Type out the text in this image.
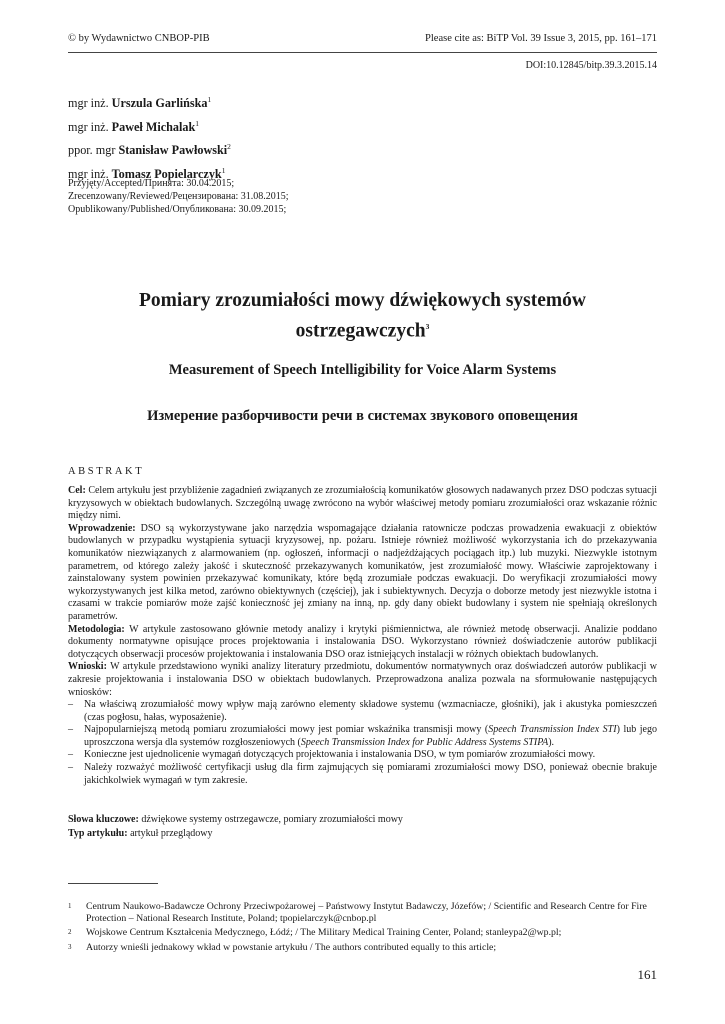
© by Wydawnictwo CNBOP-PIB	Please cite as: BiTP Vol. 39 Issue 3, 2015, pp. 161–171
DOI:10.12845/bitp.39.3.2015.14
mgr inż. Urszula Garlińska$^1$
mgr inż. Paweł Michalak$^1$
ppor. mgr Stanisław Pawłowski$^2$
mgr inż. Tomasz Popielarczyk$^1$
Przyjęty/Accepted/Принята: 30.04.2015;
Zrecenzowany/Reviewed/Рецензирована: 31.08.2015;
Opublikowany/Published/Опубликована: 30.09.2015;
Pomiary zrozumiałości mowy dźwiękowych systemów
ostrzegawczych$^3$
Measurement of Speech Intelligibility for Voice Alarm Systems
Измерение разборчивости речи в системах звукового оповещения
ABSTRAKT

Cel: Celem artykułu jest przybliżenie zagadnień związanych ze zrozumiałością komunikatów głosowych nadawanych przez DSO podczas sytuacji kryzysowych w obiektach budowlanych. Szczególną uwagę zwrócono na wybór właściwej metody pomiaru zrozumiałości oraz wskazanie różnic między nimi.

Wprowadzenie: DSO są wykorzystywane jako narzędzia wspomagające działania ratownicze podczas prowadzenia ewakuacji z obiektów budowlanych w przypadku wystąpienia sytuacji kryzysowej, np. pożaru. Istnieje również możliwość wykorzystania ich do przekazywania komunikatów niezwiązanych z alarmowaniem (np. ogłoszeń, informacji o nadjeżdżających pociągach itp.) lub muzyki. Niezwykle istotnym parametrem, od którego zależy jakość i skuteczność przekazywanych komunikatów, jest zrozumiałość mowy. Właściwie zaprojektowany i zainstalowany system powinien przekazywać komunikaty, które będą zrozumiałe podczas ewakuacji. Do weryfikacji zrozumiałości mowy wykorzystywanych jest kilka metod, zarówno obiektywnych (częściej), jak i subiektywnych. Decyzja o doborze metody jest niezwykle istotna i czasami w trakcie pomiarów może zajść konieczność jej zmiany na inną, np. gdy dany obiekt budowlany i system nie spełniają określonych parametrów.

Metodologia: W artykule zastosowano głównie metody analizy i krytyki piśmiennictwa, ale również metodę obserwacji. Analizie poddano dokumenty normatywne opisujące proces projektowania i instalowania DSO. Wykorzystano również doświadczenie autorów publikacji dotyczących obserwacji procesów projektowania i instalowania DSO oraz istniejących instalacji w różnych obiektach budowlanych.

Wnioski: W artykule przedstawiono wyniki analizy literatury przedmiotu, dokumentów normatywnych oraz doświadczeń autorów publikacji w zakresie projektowania i instalowania DSO w obiektach budowlanych. Przeprowadzona analiza pozwala na sformułowanie następujących wniosków:

– Na właściwą zrozumiałość mowy wpływ mają zarówno elementy składowe systemu (wzmacniacze, głośniki), jak i akustyka pomieszczeń (czas pogłosu, hałas, wyposażenie).
– Najpopularniejszą metodą pomiaru zrozumiałości mowy jest pomiar wskaźnika transmisji mowy (Speech Transmission Index STI) lub jego uproszczona wersja dla systemów rozgłoszeniowych (Speech Transmission Index for Public Address Systems STIPA).
– Konieczne jest ujednolicenie wymagań dotyczących projektowania i instalowania DSO, w tym pomiarów zrozumiałości mowy.
– Należy rozważyć możliwość certyfikacji usług dla firm zajmujących się pomiarami zrozumiałości mowy DSO, ponieważ obecnie brakuje jakichkolwiek wymagań w tym zakresie.
Słowa kluczowe: dźwiękowe systemy ostrzegawcze, pomiary zrozumiałości mowy
Typ artykułu: artykuł przeglądowy
1 Centrum Naukowo-Badawcze Ochrony Przeciwpożarowej – Państwowy Instytut Badawczy, Józefów; / Scientific and Research Centre for Fire Protection – National Research Institute, Poland; tpopielarczyk@cnbop.pl
2 Wojskowe Centrum Kształcenia Medycznego, Łódź; / The Military Medical Training Center, Poland; stanleypa2@wp.pl;
3 Autorzy wnieśli jednakowy wkład w powstanie artykułu / The authors contributed equally to this article;
161
